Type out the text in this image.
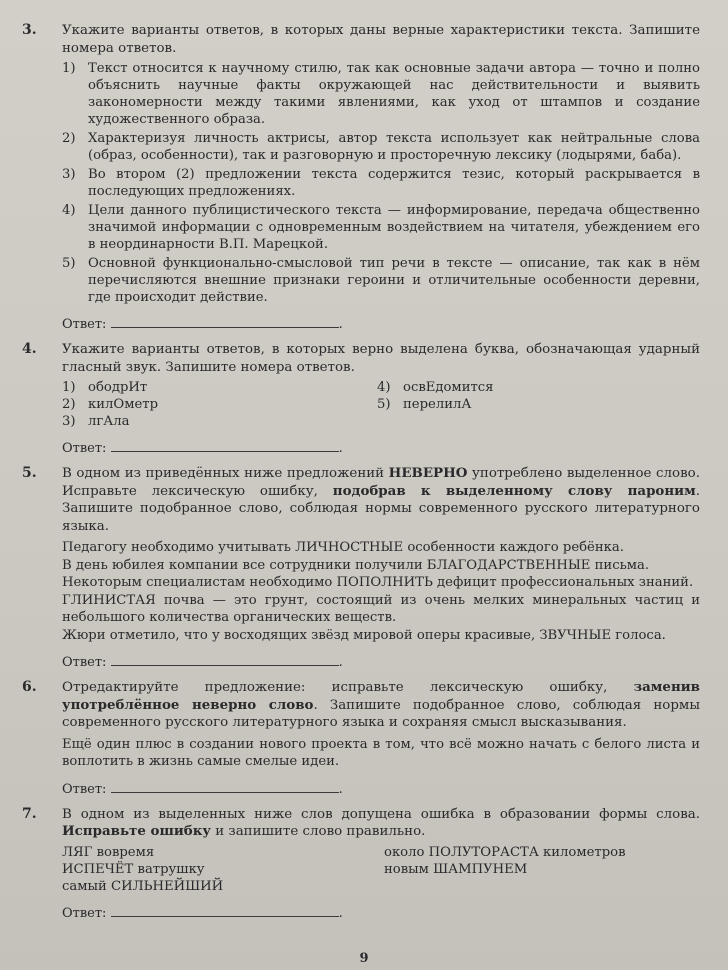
3. Укажите варианты ответов, в которых даны верные характеристики текста. Запишите номера ответов.

1) Текст относится к научному стилю, так как основные задачи автора — точно и полно объяснить научные факты окружающей нас действительности и выявить закономерности между такими явлениями, как уход от штампов и создание художественного образа.
2) Характеризуя личность актрисы, автор текста использует как нейтральные слова (образ, особенности), так и разговорную и просторечную лексику (лодырями, баба).
3) Во втором (2) предложении текста содержится тезис, который раскрывается в последующих предложениях.
4) Цели данного публицистического текста — информирование, передача общественно значимой информации с одновременным воздействием на читателя, убеждением его в неординарности В.П. Марецкой.
5) Основной функционально-смысловой тип речи в тексте — описание, так как в нём перечисляются внешние признаки героини и отличительные особенности деревни, где происходит действие.
Ответ:	.
4. Укажите варианты ответов, в которых верно выделена буква, обозначающая ударный гласный звук. Запишите номера ответов.

1) ободрИт
2) килОметр
3) лгАла
4) освЕдомится
5) перелилА
Ответ:	.
5. В одном из приведённых ниже предложений НЕВЕРНО употреблено выделенное слово. Исправьте лексическую ошибку, подобрав к выделенному слову пароним. Запишите подобранное слово, соблюдая нормы современного русского литературного языка.

Педагогу необходимо учитывать ЛИЧНОСТНЫЕ особенности каждого ребёнка.

В день юбилея компании все сотрудники получили БЛАГОДАРСТВЕННЫЕ письма.

Некоторым специалистам необходимо ПОПОЛНИТЬ дефицит профессиональных знаний.

ГЛИНИСТАЯ почва — это грунт, состоящий из очень мелких минеральных частиц и небольшого количества органических веществ.

Жюри отметило, что у восходящих звёзд мировой оперы красивые, ЗВУЧНЫЕ голоса.

Ответ:	.
6. Отредактируйте предложение: исправьте лексическую ошибку, заменив употреблённое неверно слово. Запишите подобранное слово, соблюдая нормы современного русского литературного языка и сохраняя смысл высказывания.

Ещё один плюс в создании нового проекта в том, что всё можно начать с белого листа и воплотить в жизнь самые смелые идеи.

Ответ:	.
7. В одном из выделенных ниже слов допущена ошибка в образовании формы слова. Исправьте ошибку и запишите слово правильно.

ЛЯГ вовремя
ИСПЕЧЁТ ватрушку
самый СИЛЬНЕЙШИЙ
около ПОЛУТОРАСТА километров
новым ШАМПУНЕМ
Ответ:	.
9
